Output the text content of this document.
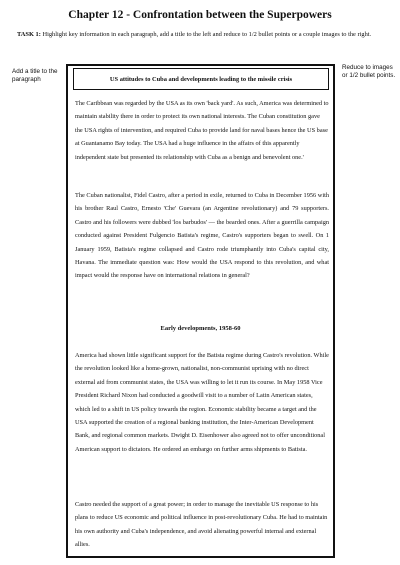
Chapter 12 - Confrontation between the Superpowers
TASK 1: Highlight key information in each paragraph, add a title to the left and reduce to 1/2 bullet points or a couple images to the right.
Add a title to the paragraph
Reduce to images or 1/2 bullet points.
US attitudes to Cuba and developments leading to the missile crisis
The Caribbean was regarded by the USA as its own 'back yard'. As such, America was determined to maintain stability there in order to protect its own national interests. The Cuban constitution gave the USA rights of intervention, and required Cuba to provide land for naval bases hence the US base at Guantanamo Bay today. The USA had a huge influence in the affairs of this apparently independent state but presented its relationship with Cuba as a benign and benevolent one.'
The Cuban nationalist, Fidel Castro, after a period in exile, returned to Cuba in December 1956 with his brother Raul Castro, Ernesto 'Che' Guevara (an Argentine revolutionary) and 79 supporters. Castro and his followers were dubbed 'los barbudos' — the bearded ones. After a guerrilla campaign conducted against President Fulgencio Batista's regime, Castro's supporters began to swell. On 1 January 1959, Batista's regime collapsed and Castro rode triumphantly into Cuba's capital city, Havana. The immediate question was: How would the USA respond to this revolution, and what impact would the response have on international relations in general?
Early developments, 1958-60
America had shown little significant support for the Batista regime during Castro's revolution. While the revolution looked like a home-grown, nationalist, non-communist uprising with no direct external aid from communist states, the USA was willing to let it run its course. In May 1958 Vice President Richard Nixon had conducted a goodwill visit to a number of Latin American states, which led to a shift in US policy towards the region. Economic stability became a target and the USA supported the creation of a regional banking institution, the Inter-American Development Bank, and regional common markets. Dwight D. Eisenhower also agreed not to offer unconditional American support to dictators. He ordered an embargo on further arms shipments to Batista.
Castro needed the support of a great power; in order to manage the inevitable US response to his plans to reduce US economic and political influence in post-revolutionary Cuba. He had to maintain his own authority and Cuba's independence, and avoid alienating powerful internal and external allies.
